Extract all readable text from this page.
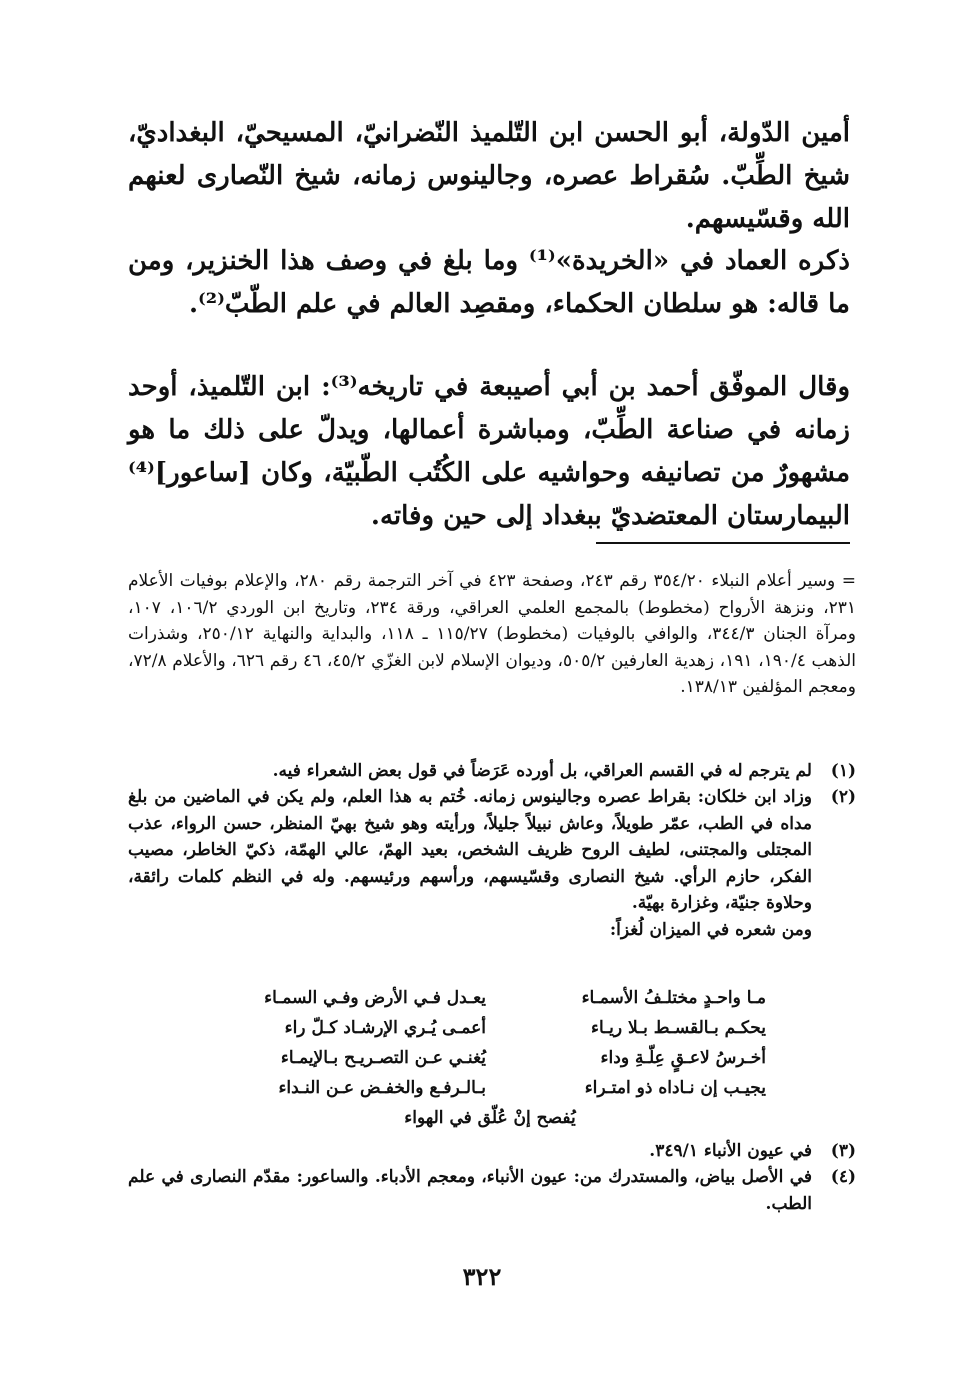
أمين الدّولة، أبو الحسن ابن التّلميذ النّضرانيّ، المسيحيّ، البغداديّ، شيخ الطِّبّ. سُقراط عصره، وجالينوس زمانه، شيخ النّصارى لعنهم الله وقسّيسهم.
ذكره العماد في «الخريدة»⁽¹⁾ وما بلغ في وصف هذا الخنزير، ومن ما قاله: هو سلطان الحكماء، ومقصِد العالم في علم الطّبّ⁽²⁾.
وقال الموفّق أحمد بن أبي أصيبعة في تاريخه⁽³⁾: ابن التّلميذ، أوحد زمانه في صناعة الطِّبّ، ومباشرة أعمالها، ويدلّ على ذلك ما هو مشهورٌ من تصانيفه وحواشيه على الكُتُب الطّبيّة، وكان [ساعور]⁽⁴⁾ البيمارستان المعتضديّ ببغداد إلى حين وفاته.
= وسير أعلام النبلاء ٣٥٤/٢٠ رقم ٢٤٣، وصفحة ٤٢٣ في آخر الترجمة رقم ٢٨٠، والإعلام بوفيات الأعلام ٢٣١، ونزهة الأرواح (مخطوط) بالمجمع العلمي العراقي، ورقة ٢٣٤، وتاريخ ابن الوردي ١٠٦/٢، ١٠٧، ومرآة الجنان ٣٤٤/٣، والوافي بالوفيات (مخطوط) ١١٥/٢٧ ـ ١١٨، والبداية والنهاية ٢٥٠/١٢، وشذرات الذهب ١٩٠/٤، ١٩١، زهدية العارفين ٥٠٥/٢، وديوان الإسلام لابن الغزّي ٤٥/٢، ٤٦ رقم ٦٢٦، والأعلام ٧٢/٨، ومعجم المؤلفين ١٣٨/١٣.
(١)
لم يترجم له في القسم العراقي، بل أورده عَرَضاً في قول بعض الشعراء فيه.
(٢)
وزاد ابن خلكان: بقراط عصره وجالينوس زمانه. خُتم به هذا العلم، ولم يكن في الماضين من بلغ مداه في الطب، عمّر طويلاً، وعاش نبيلاً جليلاً، ورأيته وهو شيخ بهيّ المنظر، حسن الرواء، عذب المجتلى والمجتنى، لطيف الروح ظريف الشخص، بعيد الهمّ، عالي الهمّة، ذكيّ الخاطر، مصيب الفكر، حازم الرأي. شيخ النصارى وقسّيسهم، ورأسهم ورئيسهم. وله في النظم كلمات رائقة، وحلاوة جنيّة، وغزارة بهيّة.
ومن شعره في الميزان لُغزاً:
مـا واحـدٍ مختلـفُ الأسمـاء
يحكـم بـالقسـط بـلا ريـاء
أخـرسُ لاعـقٍ عِلّـةِ وداء
يجيـب إن نـاداه ذو امتـراء
يعـدل فـي الأرض وفـي السمـاء
أعمـى يُـري الإرشـاد كـلّ راء
يُغنـي عـن التصـريـح بـالإيمـاء
بـالـرفـع والخفـض عـن النـداء
يُفصح إنْ عُلّق في الهواء
(٣)
في عيون الأنباء ٣٤٩/١.
(٤)
في الأصل بياض، والمستدرك من: عيون الأنباء، ومعجم الأدباء. والساعور: مقدّم النصارى في علم الطب.
٣٢٢
